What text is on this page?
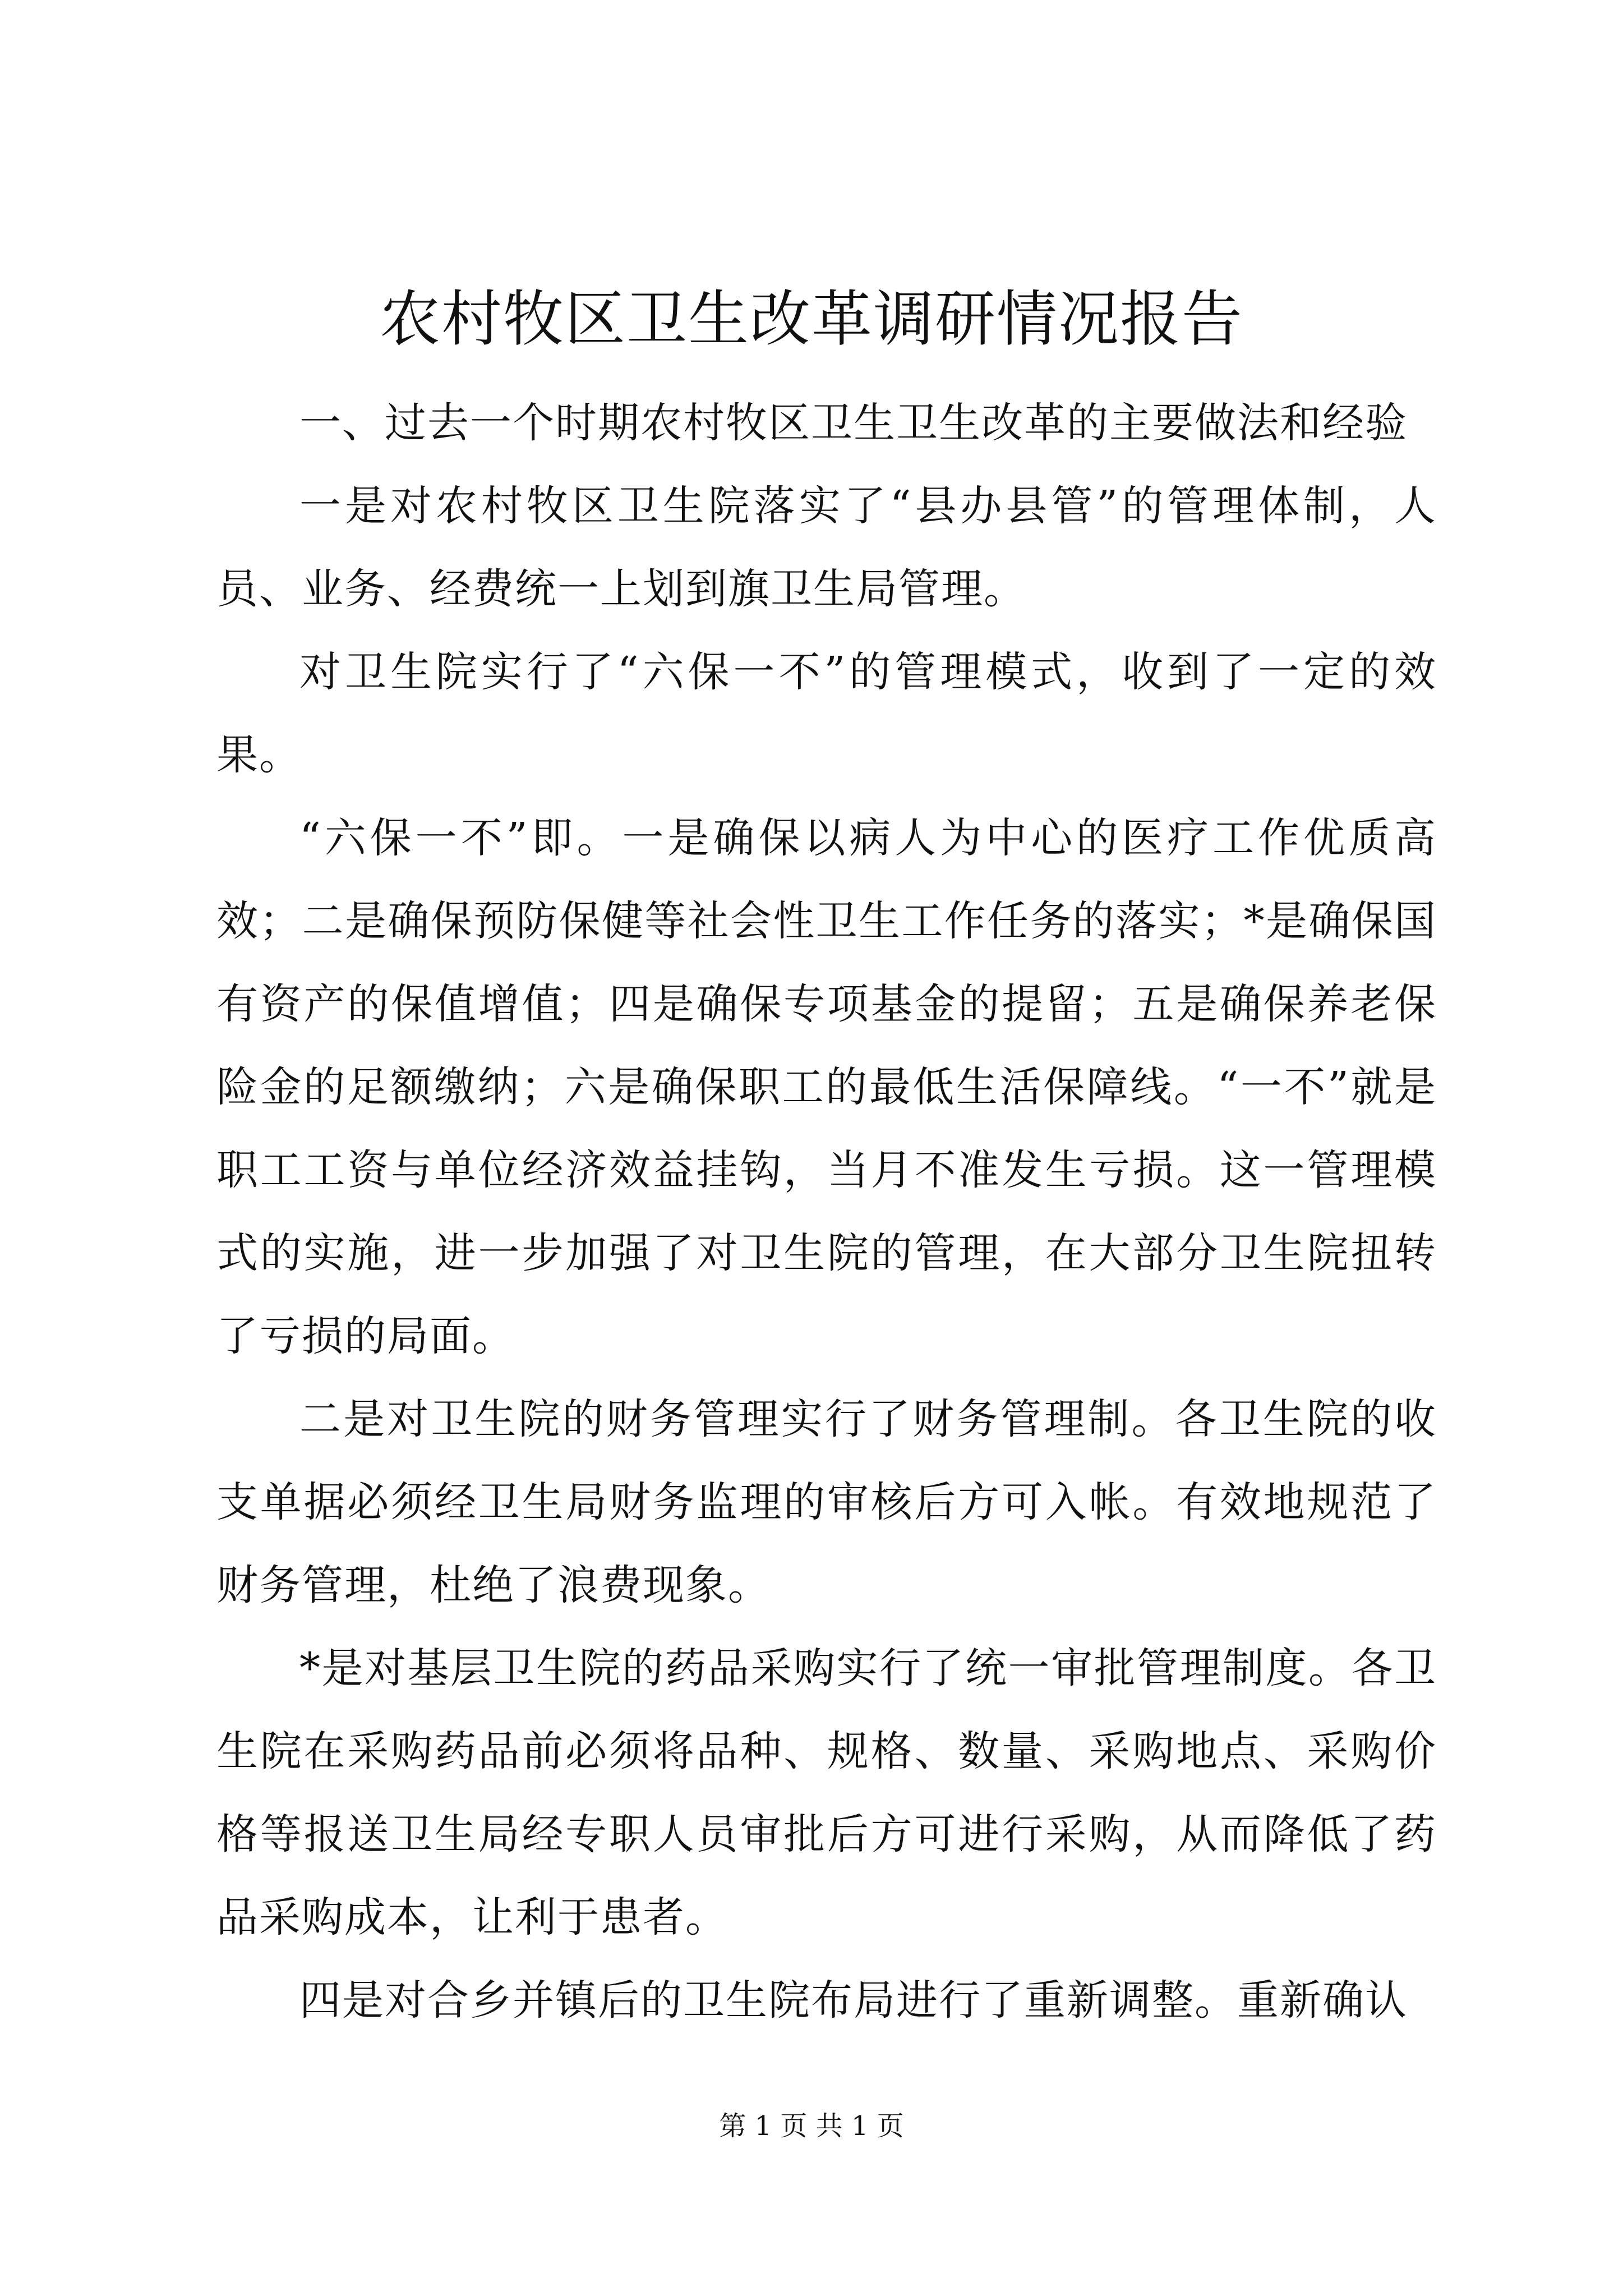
农村牧区卫生改革调研情况报告

一、过去一个时期农村牧区卫生卫生改革的主要做法和经验

一是对农村牧区卫生院落实了“县办县管”的管理体制，人员、业务、经费统一上划到旗卫生局管理。

对卫生院实行了“六保一不”的管理模式，收到了一定的效果。

“六保一不”即。一是确保以病人为中心的医疗工作优质高效；二是确保预防保健等社会性卫生工作任务的落实；*是确保国有资产的保值增值；四是确保专项基金的提留；五是确保养老保险金的足额缴纳；六是确保职工的最低生活保障线。“一不”就是职工工资与单位经济效益挂钩，当月不准发生亏损。这一管理模式的实施，进一步加强了对卫生院的管理，在大部分卫生院扭转了亏损的局面。

二是对卫生院的财务管理实行了财务管理制。各卫生院的收支单据必须经卫生局财务监理的审核后方可入帐。有效地规范了财务管理，杜绝了浪费现象。

*是对基层卫生院的药品采购实行了统一审批管理制度。各卫生院在采购药品前必须将品种、规格、数量、采购地点、采购价格等报送卫生局经专职人员审批后方可进行采购，从而降低了药品采购成本，让利于患者。

四是对合乡并镇后的卫生院布局进行了重新调整。重新确认

第 1 页 共 1 页
